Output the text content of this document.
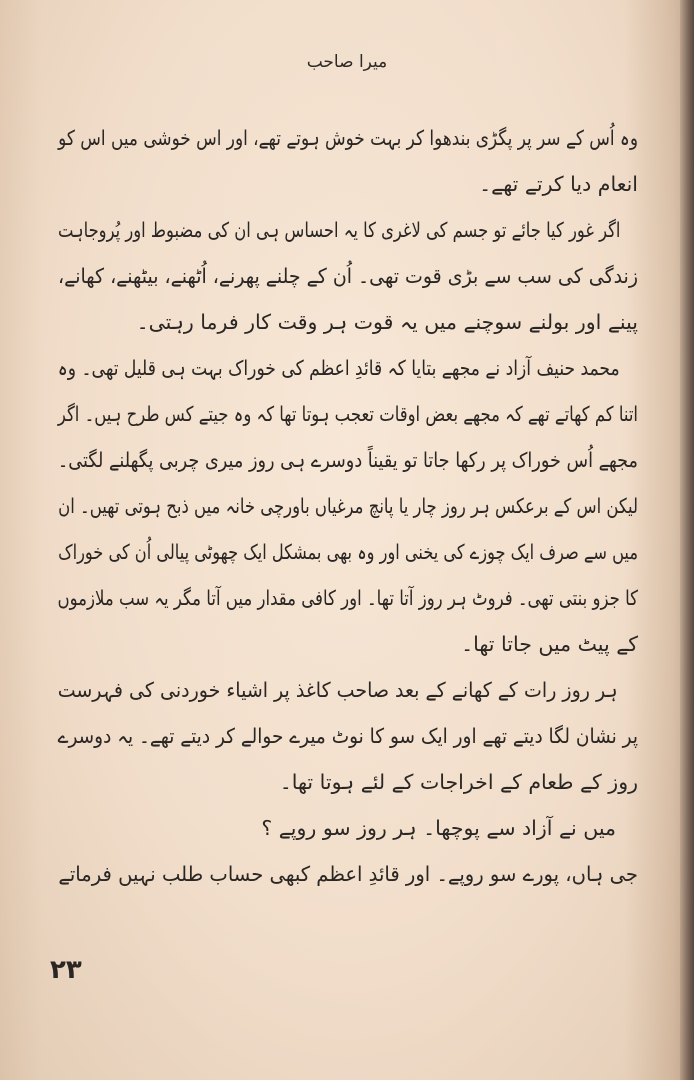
میرا صاحب
وہ اُس کے سر پر پگڑی بندھوا کر بہت خوش ہوتے تھے، اور اس خوشی میں اس کو
انعام دیا کرتے تھے۔
اگر غور کیا جائے تو جسم کی لاغری کا یہ احساس ہی ان کی مضبوط اور پُروجاہت
زندگی کی سب سے بڑی قوت تھی۔ اُن کے چلنے پھرنے، اُٹھنے، بیٹھنے، کھانے،
پینے اور بولنے سوچنے میں یہ قوت ہر وقت کار فرما رہتی۔
محمد حنیف آزاد نے مجھے بتایا کہ قائدِ اعظم کی خوراک بہت ہی قلیل تھی۔ وہ
اتنا کم کھاتے تھے کہ مجھے بعض اوقات تعجب ہوتا تھا کہ وہ جیتے کس طرح ہیں۔ اگر
مجھے اُس خوراک پر رکھا جاتا تو یقیناً دوسرے ہی روز میری چربی پگھلنے لگتی۔
لیکن اس کے برعکس ہر روز چار یا پانچ مرغیاں باورچی خانہ میں ذبح ہوتی تھیں۔ ان
میں سے صرف ایک چوزے کی یخنی اور وہ بھی بمشکل ایک چھوٹی پیالی اُن کی خوراک
کا جزو بنتی تھی۔ فروٹ ہر روز آتا تھا۔ اور کافی مقدار میں آتا مگر یہ سب ملازموں
کے پیٹ میں جاتا تھا۔
ہر روز رات کے کھانے کے بعد صاحب کاغذ پر اشیاء خوردنی کی فہرست
پر نشان لگا دیتے تھے اور ایک سو کا نوٹ میرے حوالے کر دیتے تھے۔ یہ دوسرے
روز کے طعام کے اخراجات کے لئے ہوتا تھا۔
میں نے آزاد سے پوچھا۔ ہر روز سو روپے ؟
جی ہاں، پورے سو روپے۔ اور قائدِ اعظم کبھی حساب طلب نہیں فرماتے
۲۳
